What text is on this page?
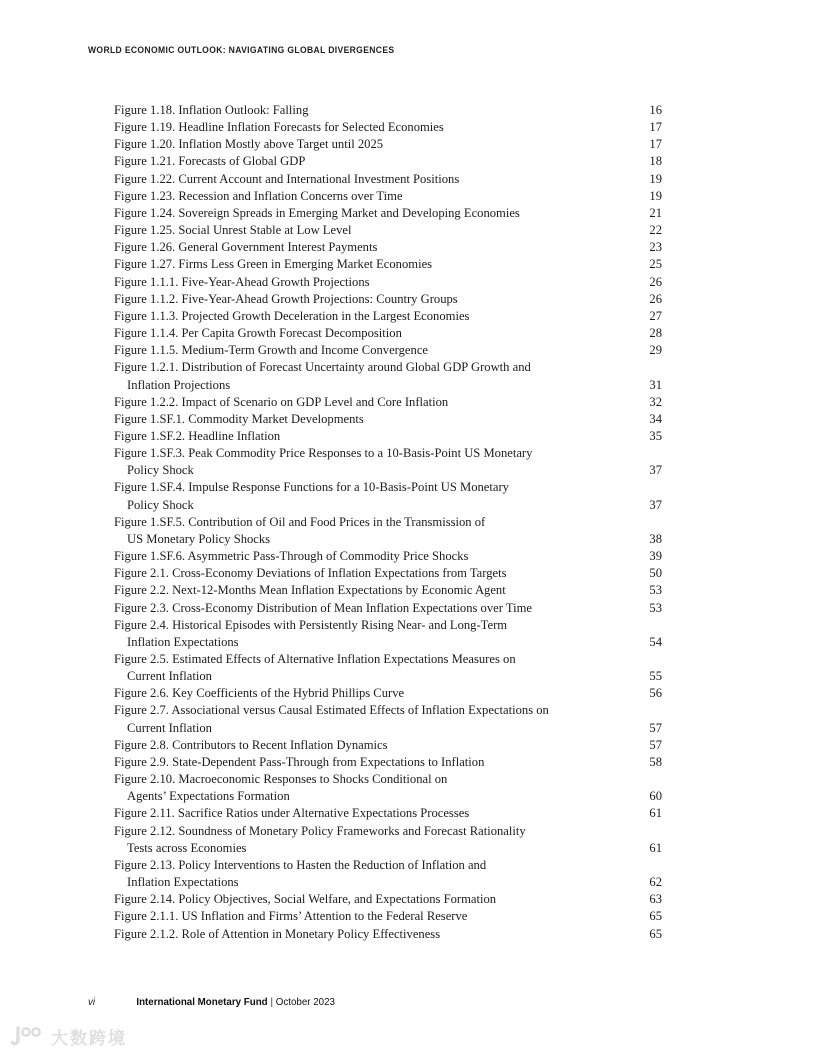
WORLD ECONOMIC OUTLOOK: NAVIGATING GLOBAL DIVERGENCES
Figure 1.18. Inflation Outlook: Falling	16
Figure 1.19. Headline Inflation Forecasts for Selected Economies	17
Figure 1.20. Inflation Mostly above Target until 2025	17
Figure 1.21. Forecasts of Global GDP	18
Figure 1.22. Current Account and International Investment Positions	19
Figure 1.23. Recession and Inflation Concerns over Time	19
Figure 1.24. Sovereign Spreads in Emerging Market and Developing Economies	21
Figure 1.25. Social Unrest Stable at Low Level	22
Figure 1.26. General Government Interest Payments	23
Figure 1.27. Firms Less Green in Emerging Market Economies	25
Figure 1.1.1. Five-Year-Ahead Growth Projections	26
Figure 1.1.2. Five-Year-Ahead Growth Projections: Country Groups	26
Figure 1.1.3. Projected Growth Deceleration in the Largest Economies	27
Figure 1.1.4. Per Capita Growth Forecast Decomposition	28
Figure 1.1.5. Medium-Term Growth and Income Convergence	29
Figure 1.2.1. Distribution of Forecast Uncertainty around Global GDP Growth and
Inflation Projections	31
Figure 1.2.2. Impact of Scenario on GDP Level and Core Inflation	32
Figure 1.SF.1. Commodity Market Developments	34
Figure 1.SF.2. Headline Inflation	35
Figure 1.SF.3. Peak Commodity Price Responses to a 10-Basis-Point US Monetary
Policy Shock	37
Figure 1.SF.4. Impulse Response Functions for a 10-Basis-Point US Monetary
Policy Shock	37
Figure 1.SF.5. Contribution of Oil and Food Prices in the Transmission of
US Monetary Policy Shocks	38
Figure 1.SF.6. Asymmetric Pass-Through of Commodity Price Shocks	39
Figure 2.1. Cross-Economy Deviations of Inflation Expectations from Targets	50
Figure 2.2. Next-12-Months Mean Inflation Expectations by Economic Agent	53
Figure 2.3. Cross-Economy Distribution of Mean Inflation Expectations over Time	53
Figure 2.4. Historical Episodes with Persistently Rising Near- and Long-Term
Inflation Expectations	54
Figure 2.5. Estimated Effects of Alternative Inflation Expectations Measures on
Current Inflation	55
Figure 2.6. Key Coefficients of the Hybrid Phillips Curve	56
Figure 2.7. Associational versus Causal Estimated Effects of Inflation Expectations on
Current Inflation	57
Figure 2.8. Contributors to Recent Inflation Dynamics	57
Figure 2.9. State-Dependent Pass-Through from Expectations to Inflation	58
Figure 2.10. Macroeconomic Responses to Shocks Conditional on
Agents’ Expectations Formation	60
Figure 2.11. Sacrifice Ratios under Alternative Expectations Processes	61
Figure 2.12. Soundness of Monetary Policy Frameworks and Forecast Rationality
Tests across Economies	61
Figure 2.13. Policy Interventions to Hasten the Reduction of Inflation and
Inflation Expectations	62
Figure 2.14. Policy Objectives, Social Welfare, and Expectations Formation	63
Figure 2.1.1. US Inflation and Firms’ Attention to the Federal Reserve	65
Figure 2.1.2. Role of Attention in Monetary Policy Effectiveness	65
vi	International Monetary Fund | October 2023
大数跨境
